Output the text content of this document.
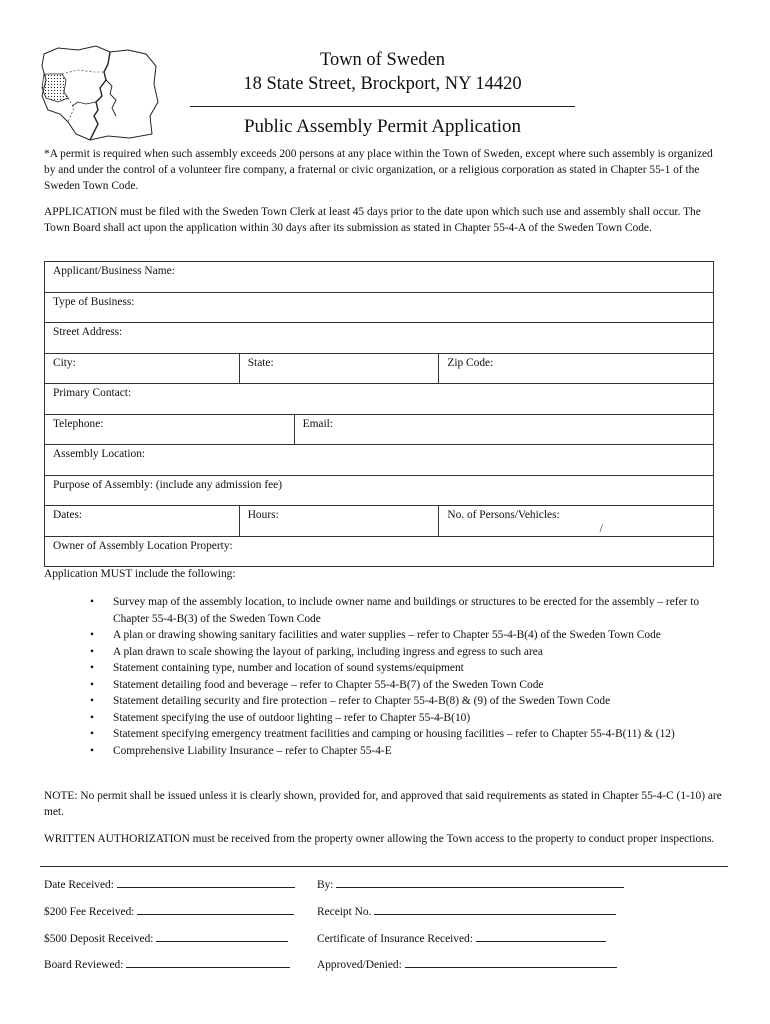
Town of Sweden
18 State Street, Brockport, NY 14420
Public Assembly Permit Application
*A permit is required when such assembly exceeds 200 persons at any place within the Town of Sweden, except where such assembly is organized by and under the control of a volunteer fire company, a fraternal or civic organization, or a religious corporation as stated in Chapter 55-1 of the Sweden Town Code.
APPLICATION must be filed with the Sweden Town Clerk at least 45 days prior to the date upon which such use and assembly shall occur. The Town Board shall act upon the application within 30 days after its submission as stated in Chapter 55-4-A of the Sweden Town Code.
Applicant/Business Name:			
Type of Business:			
Street Address:			
City:	State:		Zip Code:
Primary Contact:			
Telephone:		Email:	
Assembly Location:			
Purpose of Assembly: (include any admission fee)			
Dates:	Hours:		No. of Persons/Vehicles:
/

Owner of Assembly Location Property:			
Application MUST include the following:
• Survey map of the assembly location, to include owner name and buildings or structures to be erected for the assembly – refer to Chapter 55-4-B(3) of the Sweden Town Code
• A plan or drawing showing sanitary facilities and water supplies – refer to Chapter 55-4-B(4) of the Sweden Town Code
• A plan drawn to scale showing the layout of parking, including ingress and egress to such area
• Statement containing type, number and location of sound systems/equipment
• Statement detailing food and beverage – refer to Chapter 55-4-B(7) of the Sweden Town Code
• Statement detailing security and fire protection – refer to Chapter 55-4-B(8) & (9) of the Sweden Town Code
• Statement specifying the use of outdoor lighting – refer to Chapter 55-4-B(10)
• Statement specifying emergency treatment facilities and camping or housing facilities – refer to Chapter 55-4-B(11) & (12)
• Comprehensive Liability Insurance – refer to Chapter 55-4-E
NOTE: No permit shall be issued unless it is clearly shown, provided for, and approved that said requirements as stated in Chapter 55-4-C (1-10) are met.
WRITTEN AUTHORIZATION must be received from the property owner allowing the Town access to the property to conduct proper inspections.
Date Received:	By:
$200 Fee Received:	Receipt No.
$500 Deposit Received:	Certificate of Insurance Received:
Board Reviewed:	Approved/Denied:
